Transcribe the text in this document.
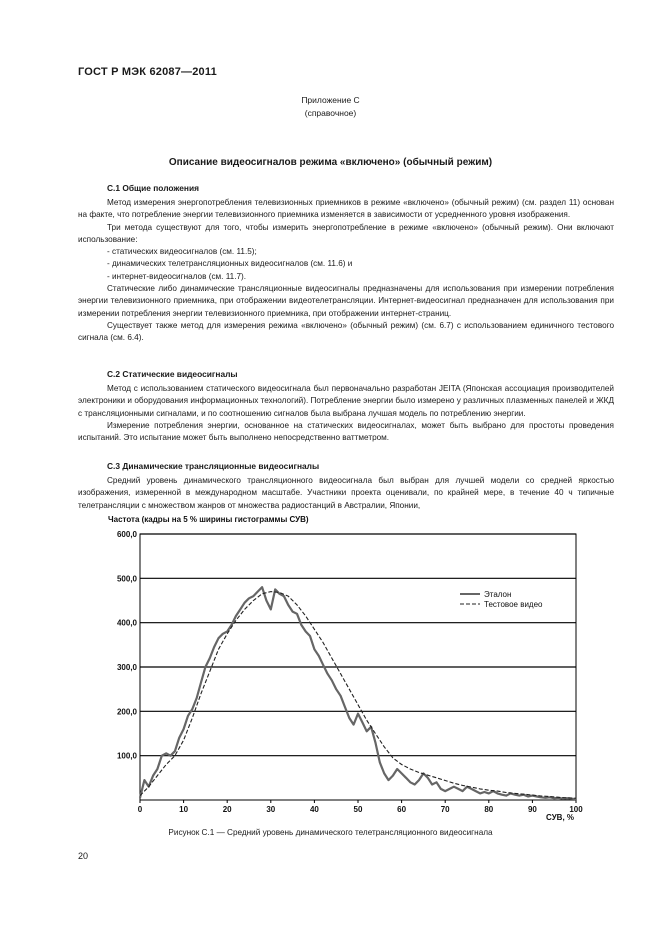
ГОСТ Р МЭК 62087—2011
Приложение С
(справочное)
Описание видеосигналов режима «включено» (обычный режим)
С.1 Общие положения

Метод измерения энергопотребления телевизионных приемников в режиме «включено» (обычный режим) (см. раздел 11) основан на факте, что потребление энергии телевизионного приемника изменяется в зависимости от усредненного уровня изображения.

Три метода существуют для того, чтобы измерить энергопотребление в режиме «включено» (обычный режим). Они включают использование:

- статических видеосигналов (см. 11.5);

- динамических телетрансляционных видеосигналов (см. 11.6) и

- интернет-видеосигналов (см. 11.7).

Статические либо динамические трансляционные видеосигналы предназначены для использования при измерении потребления энергии телевизионного приемника, при отображении видеотелетрансляции. Интернет-видеосигнал предназначен для использования при измерении потребления энергии телевизионного приемника, при отображении интернет-страниц.

Существует также метод для измерения режима «включено» (обычный режим) (см. 6.7) с использованием единичного тестового сигнала (см. 6.4).

С.2 Статические видеосигналы

Метод с использованием статического видеосигнала был первоначально разработан JEITA (Японская ассоциация производителей электроники и оборудования информационных технологий). Потребление энергии было измерено у различных плазменных панелей и ЖКД с трансляционными сигналами, и по соотношению сигналов была выбрана лучшая модель по потреблению энергии.

Измерение потребления энергии, основанное на статических видеосигналах, может быть выбрано для простоты проведения испытаний. Это испытание может быть выполнено непосредственно ваттметром.

С.3 Динамические трансляционные видеосигналы

Средний уровень динамического трансляционного видеосигнала был выбран для лучшей модели со средней яркостью изображения, измеренной в международном масштабе. Участники проекта оценивали, по крайней мере, в течение 40 ч типичные телетрансляции с множеством жанров от множества радиостанций в Австралии, Японии,

100,0
200,0
300,0
400,0
500,0
600,0
0	10	20	30	40	50	60	70	80	90	100
Частота (кадры на 5 % ширины гистограммы СУВ)
СУВ, %
Эталон
Тестовое видео
Рисунок С.1 — Средний уровень динамического телетрансляционного видеосигнала
20
